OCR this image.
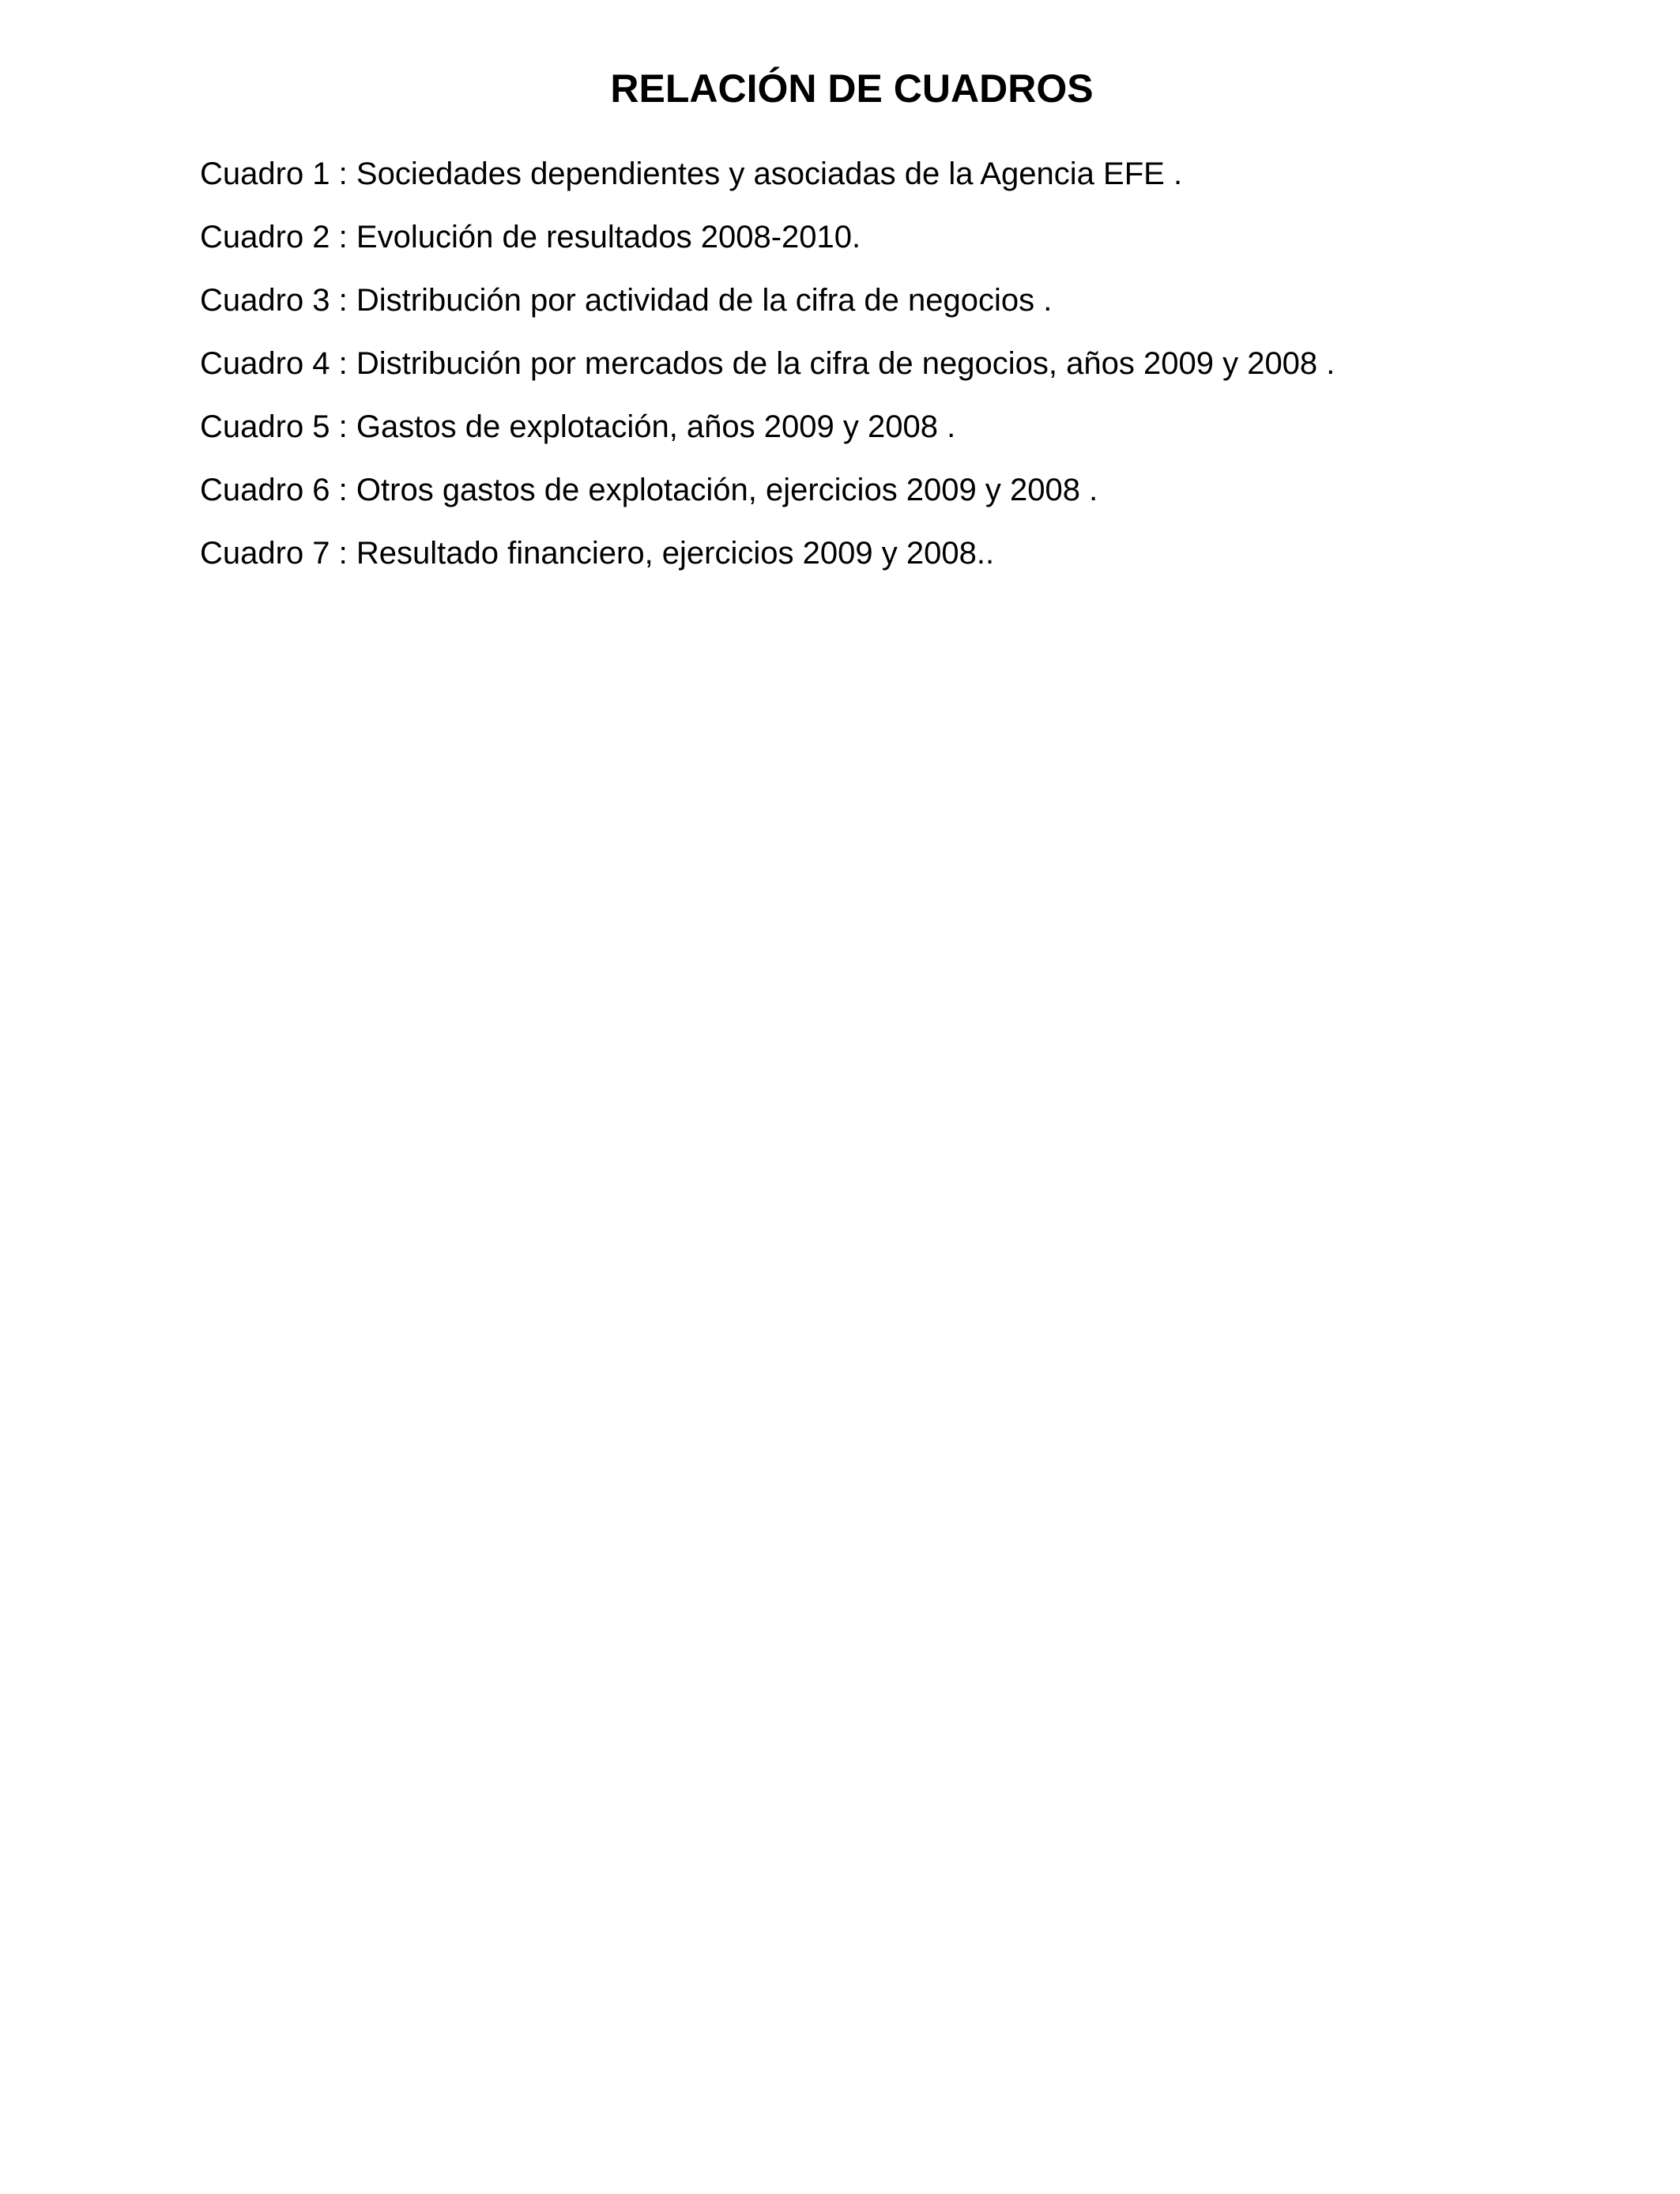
RELACIÓN DE CUADROS
Cuadro 1 : Sociedades dependientes y asociadas de la Agencia EFE .
Cuadro 2 : Evolución de resultados 2008-2010.
Cuadro 3 : Distribución por actividad de la cifra de negocios .
Cuadro 4 : Distribución por mercados de la cifra de negocios, años 2009 y 2008 .
Cuadro 5 : Gastos de explotación, años 2009 y 2008 .
Cuadro 6 : Otros gastos de explotación, ejercicios 2009 y 2008 .
Cuadro 7 : Resultado financiero, ejercicios 2009 y 2008..
